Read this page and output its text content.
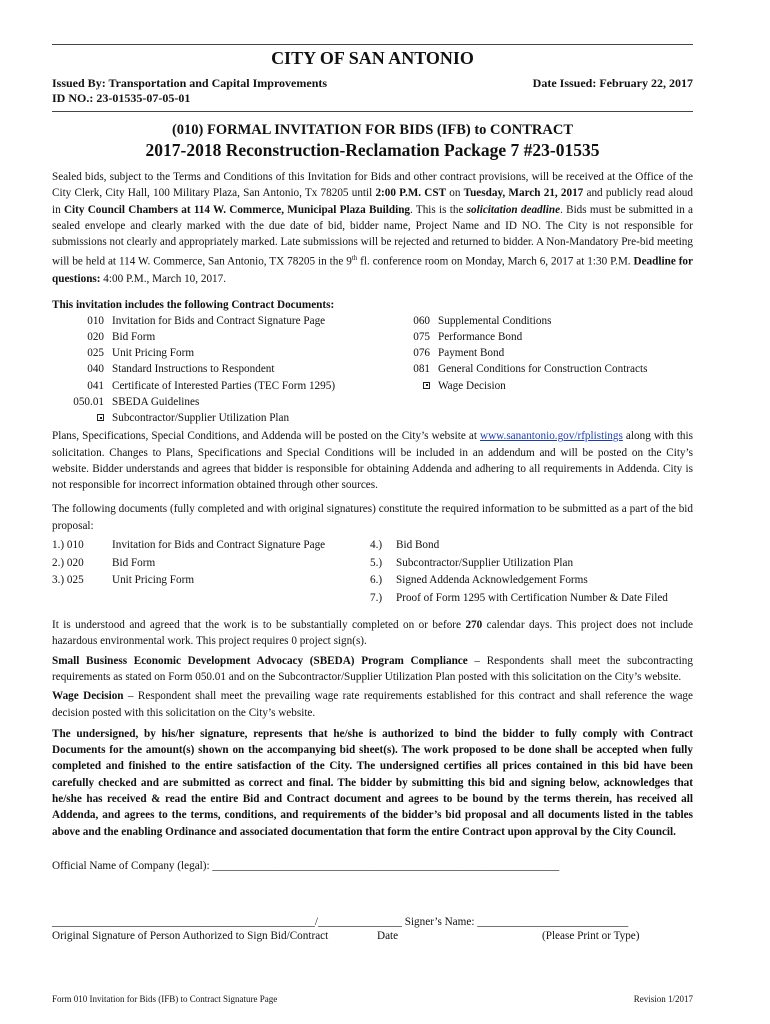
CITY OF SAN ANTONIO
Issued By: Transportation and Capital Improvements
ID NO.: 23-01535-07-05-01
Date Issued: February 22, 2017
(010) FORMAL INVITATION FOR BIDS (IFB) to CONTRACT
2017-2018 Reconstruction-Reclamation Package 7 #23-01535

Sealed bids, subject to the Terms and Conditions of this Invitation for Bids and other contract provisions, will be received at the Office of the City Clerk, City Hall, 100 Military Plaza, San Antonio, Tx 78205 until 2:00 P.M. CST on Tuesday, March 21, 2017 and publicly read aloud in City Council Chambers at 114 W. Commerce, Municipal Plaza Building. This is the solicitation deadline. Bids must be submitted in a sealed envelope and clearly marked with the due date of bid, bidder name, Project Name and ID NO. The City is not responsible for submissions not clearly and appropriately marked. Late submissions will be rejected and returned to bidder. A Non-Mandatory Pre-bid meeting will be held at 114 W. Commerce, San Antonio, TX 78205 in the 9th fl. conference room on Monday, March 6, 2017 at 1:30 P.M. Deadline for questions: 4:00 P.M., March 10, 2017.

This invitation includes the following Contract Documents:
010 Invitation for Bids and Contract Signature Page
020 Bid Form
025 Unit Pricing Form
040 Standard Instructions to Respondent
041 Certificate of Interested Parties (TEC Form 1295)
050.01 SBEDA Guidelines
Subcontractor/Supplier Utilization Plan
060 Supplemental Conditions
075 Performance Bond
076 Payment Bond
081 General Conditions for Construction Contracts
Wage Decision

Plans, Specifications, Special Conditions, and Addenda will be posted on the City’s website at www.sanantonio.gov/rfplistings along with this solicitation. Changes to Plans, Specifications and Special Conditions will be included in an addendum and will be posted on the City’s website. Bidder understands and agrees that bidder is responsible for obtaining Addenda and adhering to all requirements in Addenda. City is not responsible for incorrect information obtained through other sources.

The following documents (fully completed and with original signatures) constitute the required information to be submitted as a part of the bid proposal:

1.) 010	Invitation for Bids and Contract Signature Page
2.) 020	Bid Form
3.) 025	Unit Pricing Form
4.)	Bid Bond
5.)	Subcontractor/Supplier Utilization Plan
6.)	Signed Addenda Acknowledgement Forms
7.)	Proof of Form 1295 with Certification Number & Date Filed

It is understood and agreed that the work is to be substantially completed on or before 270 calendar days. This project does not include hazardous environmental work. This project requires 0 project sign(s).

Small Business Economic Development Advocacy (SBEDA) Program Compliance – Respondents shall meet the subcontracting requirements as stated on Form 050.01 and on the Subcontractor/Supplier Utilization Plan posted with this solicitation on the City’s website.

Wage Decision – Respondent shall meet the prevailing wage rate requirements established for this contract and shall reference the wage decision posted with this solicitation on the City’s website.

The undersigned, by his/her signature, represents that he/she is authorized to bind the bidder to fully comply with Contract Documents for the amount(s) shown on the accompanying bid sheet(s). The work proposed to be done shall be accepted when fully completed and finished to the entire satisfaction of the City. The undersigned certifies all prices contained in this bid have been carefully checked and are submitted as correct and final. The bidder by submitting this bid and signing below, acknowledges that he/she has received & read the entire Bid and Contract document and agrees to be bound by the terms therein, has received all Addenda, and agrees to the terms, conditions, and requirements of the bidder’s bid proposal and all documents listed in the tables above and the enabling Ordinance and associated documentation that form the entire Contract upon approval by the City Council.

Official Name of Company (legal): ______________________________________________________________
_______________________________________________/_______________ Signer’s Name: ___________________________
Original Signature of Person Authorized to Sign Bid/Contract	Date	(Please Print or Type)
Form 010 Invitation for Bids (IFB) to Contract Signature Page	Revision 1/2017
